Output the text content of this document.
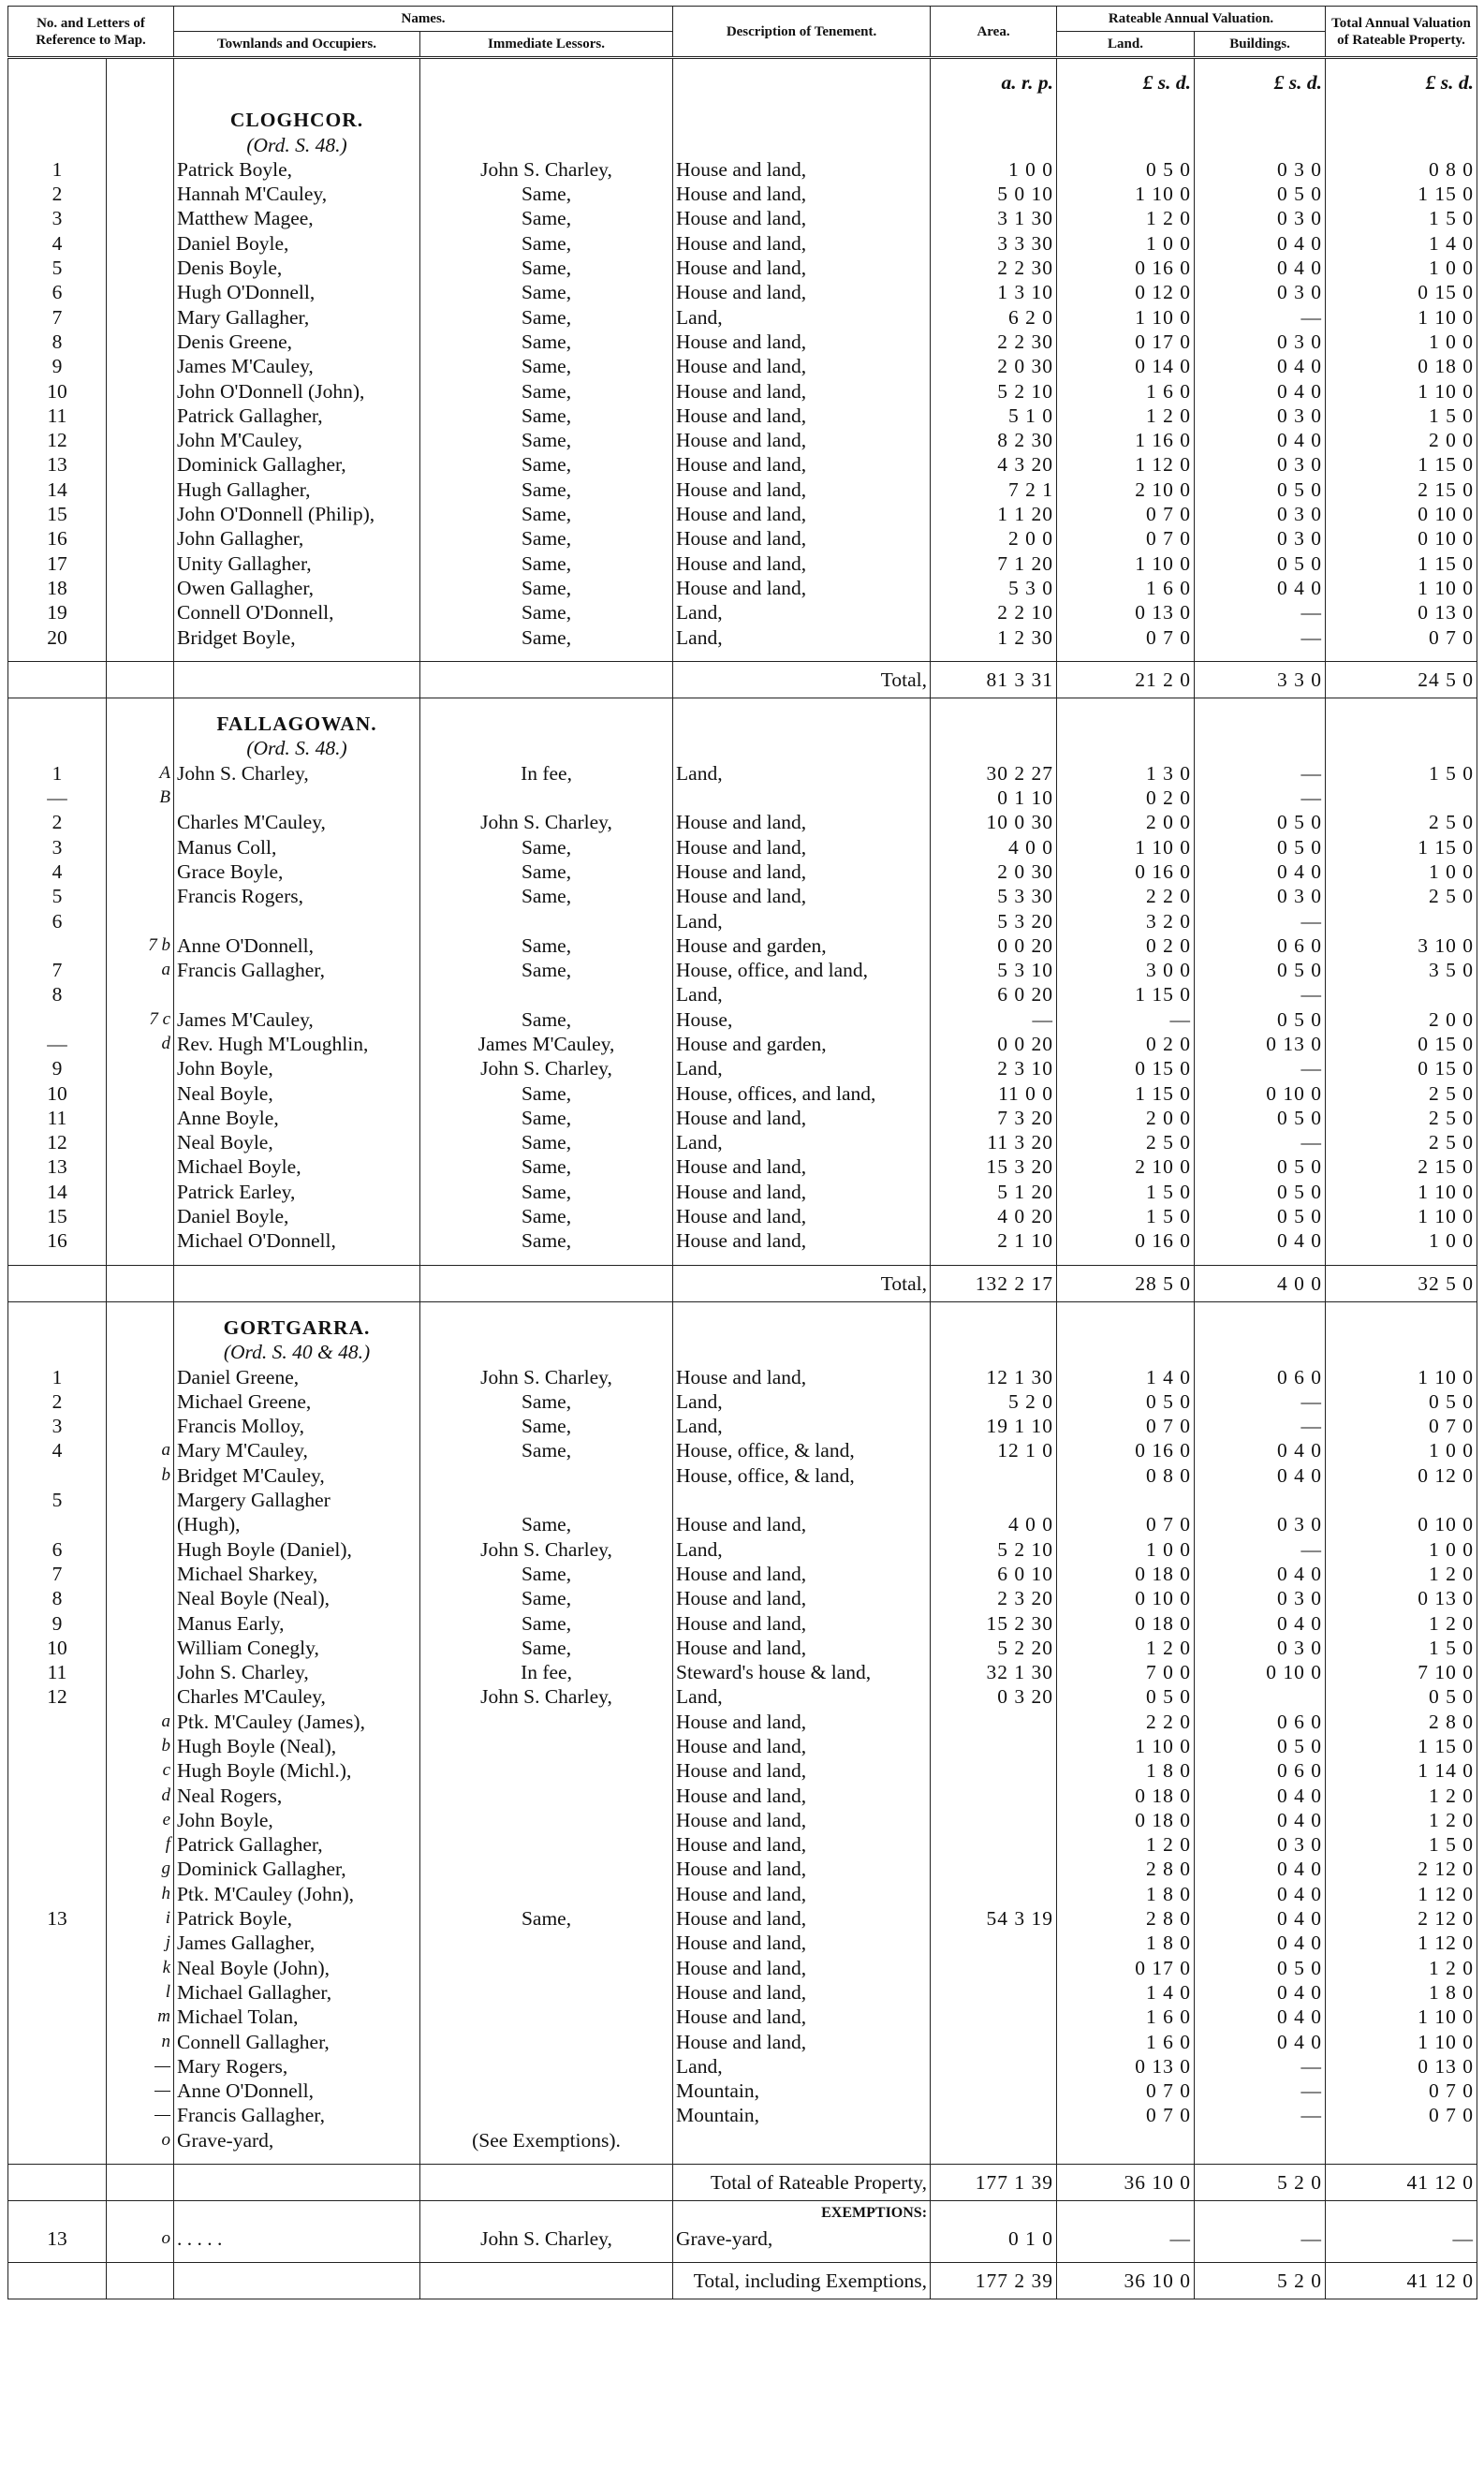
No. and Letters of Reference to Map.		Names.		Description of Tenement.	Area.	Rateable Annual Valuation.		Total Annual Valuation of Rateable Property.
		Townlands and Occupiers.	Immediate Lessors.			Land.	Buildings.	

					a. r. p.	£ s. d.	£ s. d.	£ s. d.
		CLOGHCOR.						
		(Ord. S. 48.)						
1		Patrick Boyle,	John S. Charley,	House and land,	1 0 0	0 5 0	0 3 0	0 8 0
2		Hannah M'Cauley,	Same,	House and land,	5 0 10	1 10 0	0 5 0	1 15 0
3		Matthew Magee,	Same,	House and land,	3 1 30	1 2 0	0 3 0	1 5 0
4		Daniel Boyle,	Same,	House and land,	3 3 30	1 0 0	0 4 0	1 4 0
5		Denis Boyle,	Same,	House and land,	2 2 30	0 16 0	0 4 0	1 0 0
6		Hugh O'Donnell,	Same,	House and land,	1 3 10	0 12 0	0 3 0	0 15 0
7		Mary Gallagher,	Same,	Land,	6 2 0	1 10 0	—	1 10 0
8		Denis Greene,	Same,	House and land,	2 2 30	0 17 0	0 3 0	1 0 0
9		James M'Cauley,	Same,	House and land,	2 0 30	0 14 0	0 4 0	0 18 0
10		John O'Donnell (John),	Same,	House and land,	5 2 10	1 6 0	0 4 0	1 10 0
11		Patrick Gallagher,	Same,	House and land,	5 1 0	1 2 0	0 3 0	1 5 0
12		John M'Cauley,	Same,	House and land,	8 2 30	1 16 0	0 4 0	2 0 0
13		Dominick Gallagher,	Same,	House and land,	4 3 20	1 12 0	0 3 0	1 15 0
14		Hugh Gallagher,	Same,	House and land,	7 2 1	2 10 0	0 5 0	2 15 0
15		John O'Donnell (Philip),	Same,	House and land,	1 1 20	0 7 0	0 3 0	0 10 0
16		John Gallagher,	Same,	House and land,	2 0 0	0 7 0	0 3 0	0 10 0
17		Unity Gallagher,	Same,	House and land,	7 1 20	1 10 0	0 5 0	1 15 0
18		Owen Gallagher,	Same,	House and land,	5 3 0	1 6 0	0 4 0	1 10 0
19		Connell O'Donnell,	Same,	Land,	2 2 10	0 13 0	—	0 13 0
20		Bridget Boyle,	Same,	Land,	1 2 30	0 7 0	—	0 7 0

				Total,	81 3 31	21 2 0	3 3 0	24 5 0
		FALLAGOWAN.						
		(Ord. S. 48.)						
1	A	John S. Charley,	In fee,	Land,	30 2 27	1 3 0	—	1 5 0
—	B				0 1 10	0 2 0	—	
2		Charles M'Cauley,	John S. Charley,	House and land,	10 0 30	2 0 0	0 5 0	2 5 0
3		Manus Coll,	Same,	House and land,	4 0 0	1 10 0	0 5 0	1 15 0
4		Grace Boyle,	Same,	House and land,	2 0 30	0 16 0	0 4 0	1 0 0
5		Francis Rogers,	Same,	House and land,	5 3 30	2 2 0	0 3 0	2 5 0
6				Land,	5 3 20	3 2 0	—	
	7 b	Anne O'Donnell,	Same,	House and garden,	0 0 20	0 2 0	0 6 0	3 10 0
7	a	Francis Gallagher,	Same,	House, office, and land,	5 3 10	3 0 0	0 5 0	3 5 0
8				Land,	6 0 20	1 15 0	—	
	7 c	James M'Cauley,	Same,	House,	—	—	0 5 0	2 0 0
—	d	Rev. Hugh M'Loughlin,	James M'Cauley,	House and garden,	0 0 20	0 2 0	0 13 0	0 15 0
9		John Boyle,	John S. Charley,	Land,	2 3 10	0 15 0	—	0 15 0
10		Neal Boyle,	Same,	House, offices, and land,	11 0 0	1 15 0	0 10 0	2 5 0
11		Anne Boyle,	Same,	House and land,	7 3 20	2 0 0	0 5 0	2 5 0
12		Neal Boyle,	Same,	Land,	11 3 20	2 5 0	—	2 5 0
13		Michael Boyle,	Same,	House and land,	15 3 20	2 10 0	0 5 0	2 15 0
14		Patrick Earley,	Same,	House and land,	5 1 20	1 5 0	0 5 0	1 10 0
15		Daniel Boyle,	Same,	House and land,	4 0 20	1 5 0	0 5 0	1 10 0
16		Michael O'Donnell,	Same,	House and land,	2 1 10	0 16 0	0 4 0	1 0 0

				Total,	132 2 17	28 5 0	4 0 0	32 5 0
		GORTGARRA.						
		(Ord. S. 40 & 48.)						
1		Daniel Greene,	John S. Charley,	House and land,	12 1 30	1 4 0	0 6 0	1 10 0
2		Michael Greene,	Same,	Land,	5 2 0	0 5 0	—	0 5 0
3		Francis Molloy,	Same,	Land,	19 1 10	0 7 0	—	0 7 0
4	a	Mary M'Cauley,	Same,	House, office, & land,	12 1 0	0 16 0	0 4 0	1 0 0
	b	Bridget M'Cauley,		House, office, & land,		0 8 0	0 4 0	0 12 0
5		Margery Gallagher						
		(Hugh),	Same,	House and land,	4 0 0	0 7 0	0 3 0	0 10 0
6		Hugh Boyle (Daniel),	John S. Charley,	Land,	5 2 10	1 0 0	—	1 0 0
7		Michael Sharkey,	Same,	House and land,	6 0 10	0 18 0	0 4 0	1 2 0
8		Neal Boyle (Neal),	Same,	House and land,	2 3 20	0 10 0	0 3 0	0 13 0
9		Manus Early,	Same,	House and land,	15 2 30	0 18 0	0 4 0	1 2 0
10		William Conegly,	Same,	House and land,	5 2 20	1 2 0	0 3 0	1 5 0
11		John S. Charley,	In fee,	Steward's house & land,	32 1 30	7 0 0	0 10 0	7 10 0
12		Charles M'Cauley,	John S. Charley,	Land,	0 3 20	0 5 0		0 5 0
	a	Ptk. M'Cauley (James),		House and land,		2 2 0	0 6 0	2 8 0
	b	Hugh Boyle (Neal),		House and land,		1 10 0	0 5 0	1 15 0
	c	Hugh Boyle (Michl.),		House and land,		1 8 0	0 6 0	1 14 0
	d	Neal Rogers,		House and land,		0 18 0	0 4 0	1 2 0
	e	John Boyle,		House and land,		0 18 0	0 4 0	1 2 0
	f	Patrick Gallagher,		House and land,		1 2 0	0 3 0	1 5 0
	g	Dominick Gallagher,		House and land,		2 8 0	0 4 0	2 12 0
	h	Ptk. M'Cauley (John),		House and land,		1 8 0	0 4 0	1 12 0
13	i	Patrick Boyle,	Same,	House and land,	54 3 19	2 8 0	0 4 0	2 12 0
	j	James Gallagher,		House and land,		1 8 0	0 4 0	1 12 0
	k	Neal Boyle (John),		House and land,		0 17 0	0 5 0	1 2 0
	l	Michael Gallagher,		House and land,		1 4 0	0 4 0	1 8 0
	m	Michael Tolan,		House and land,		1 6 0	0 4 0	1 10 0
	n	Connell Gallagher,		House and land,		1 6 0	0 4 0	1 10 0
	—	Mary Rogers,		Land,		0 13 0	—	0 13 0
	—	Anne O'Donnell,		Mountain,		0 7 0	—	0 7 0
	—	Francis Gallagher,		Mountain,		0 7 0	—	0 7 0
	o	Grave-yard,	(See Exemptions).					

				Total of Rateable Property,	177 1 39	36 10 0	5 2 0	41 12 0
				EXEMPTIONS:				
13	o	. . . . .	John S. Charley,	Grave-yard,	0 1 0	—	—	—

				Total, including Exemptions,	177 2 39	36 10 0	5 2 0	41 12 0
